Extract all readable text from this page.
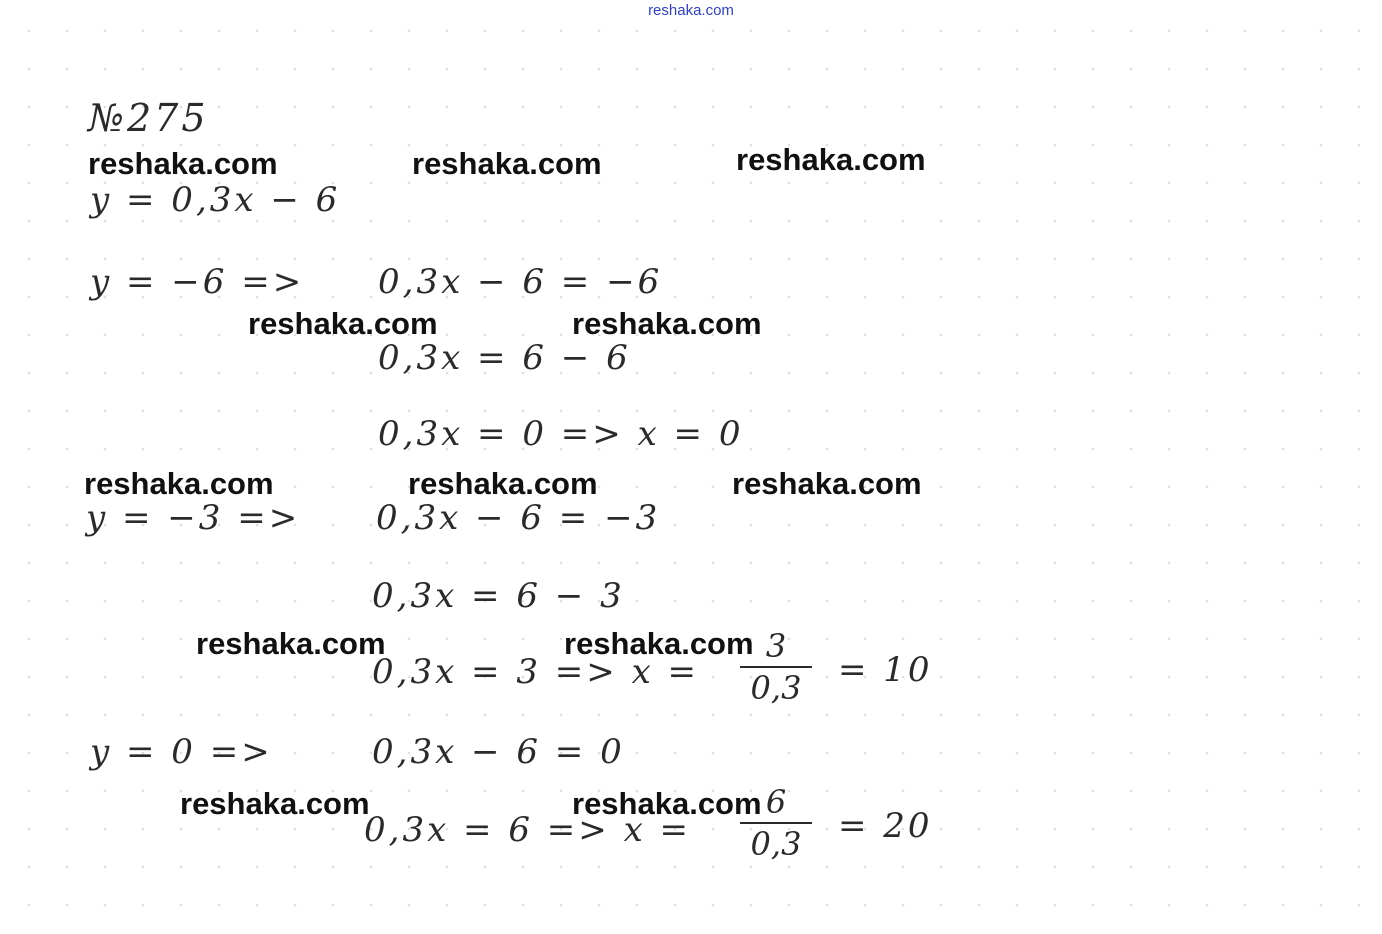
reshaka.com
№275
y = 0,3x − 6
y = −6 => 0,3x − 6 = −6
0,3x = 6 − 6
0,3x = 0 => x = 0
y = −3 => 0,3x − 6 = −3
0,3x = 6 − 3
0,3x = 3 => x =
3
0,3	= 10
y = 0 =>	0,3x − 6 = 0
0,3x = 6 => x =
6
0,3	= 20
reshaka.com	reshaka.com	reshaka.com
reshaka.com	reshaka.com
reshaka.com	reshaka.com	reshaka.com
reshaka.com	reshaka.com
reshaka.com	reshaka.com
